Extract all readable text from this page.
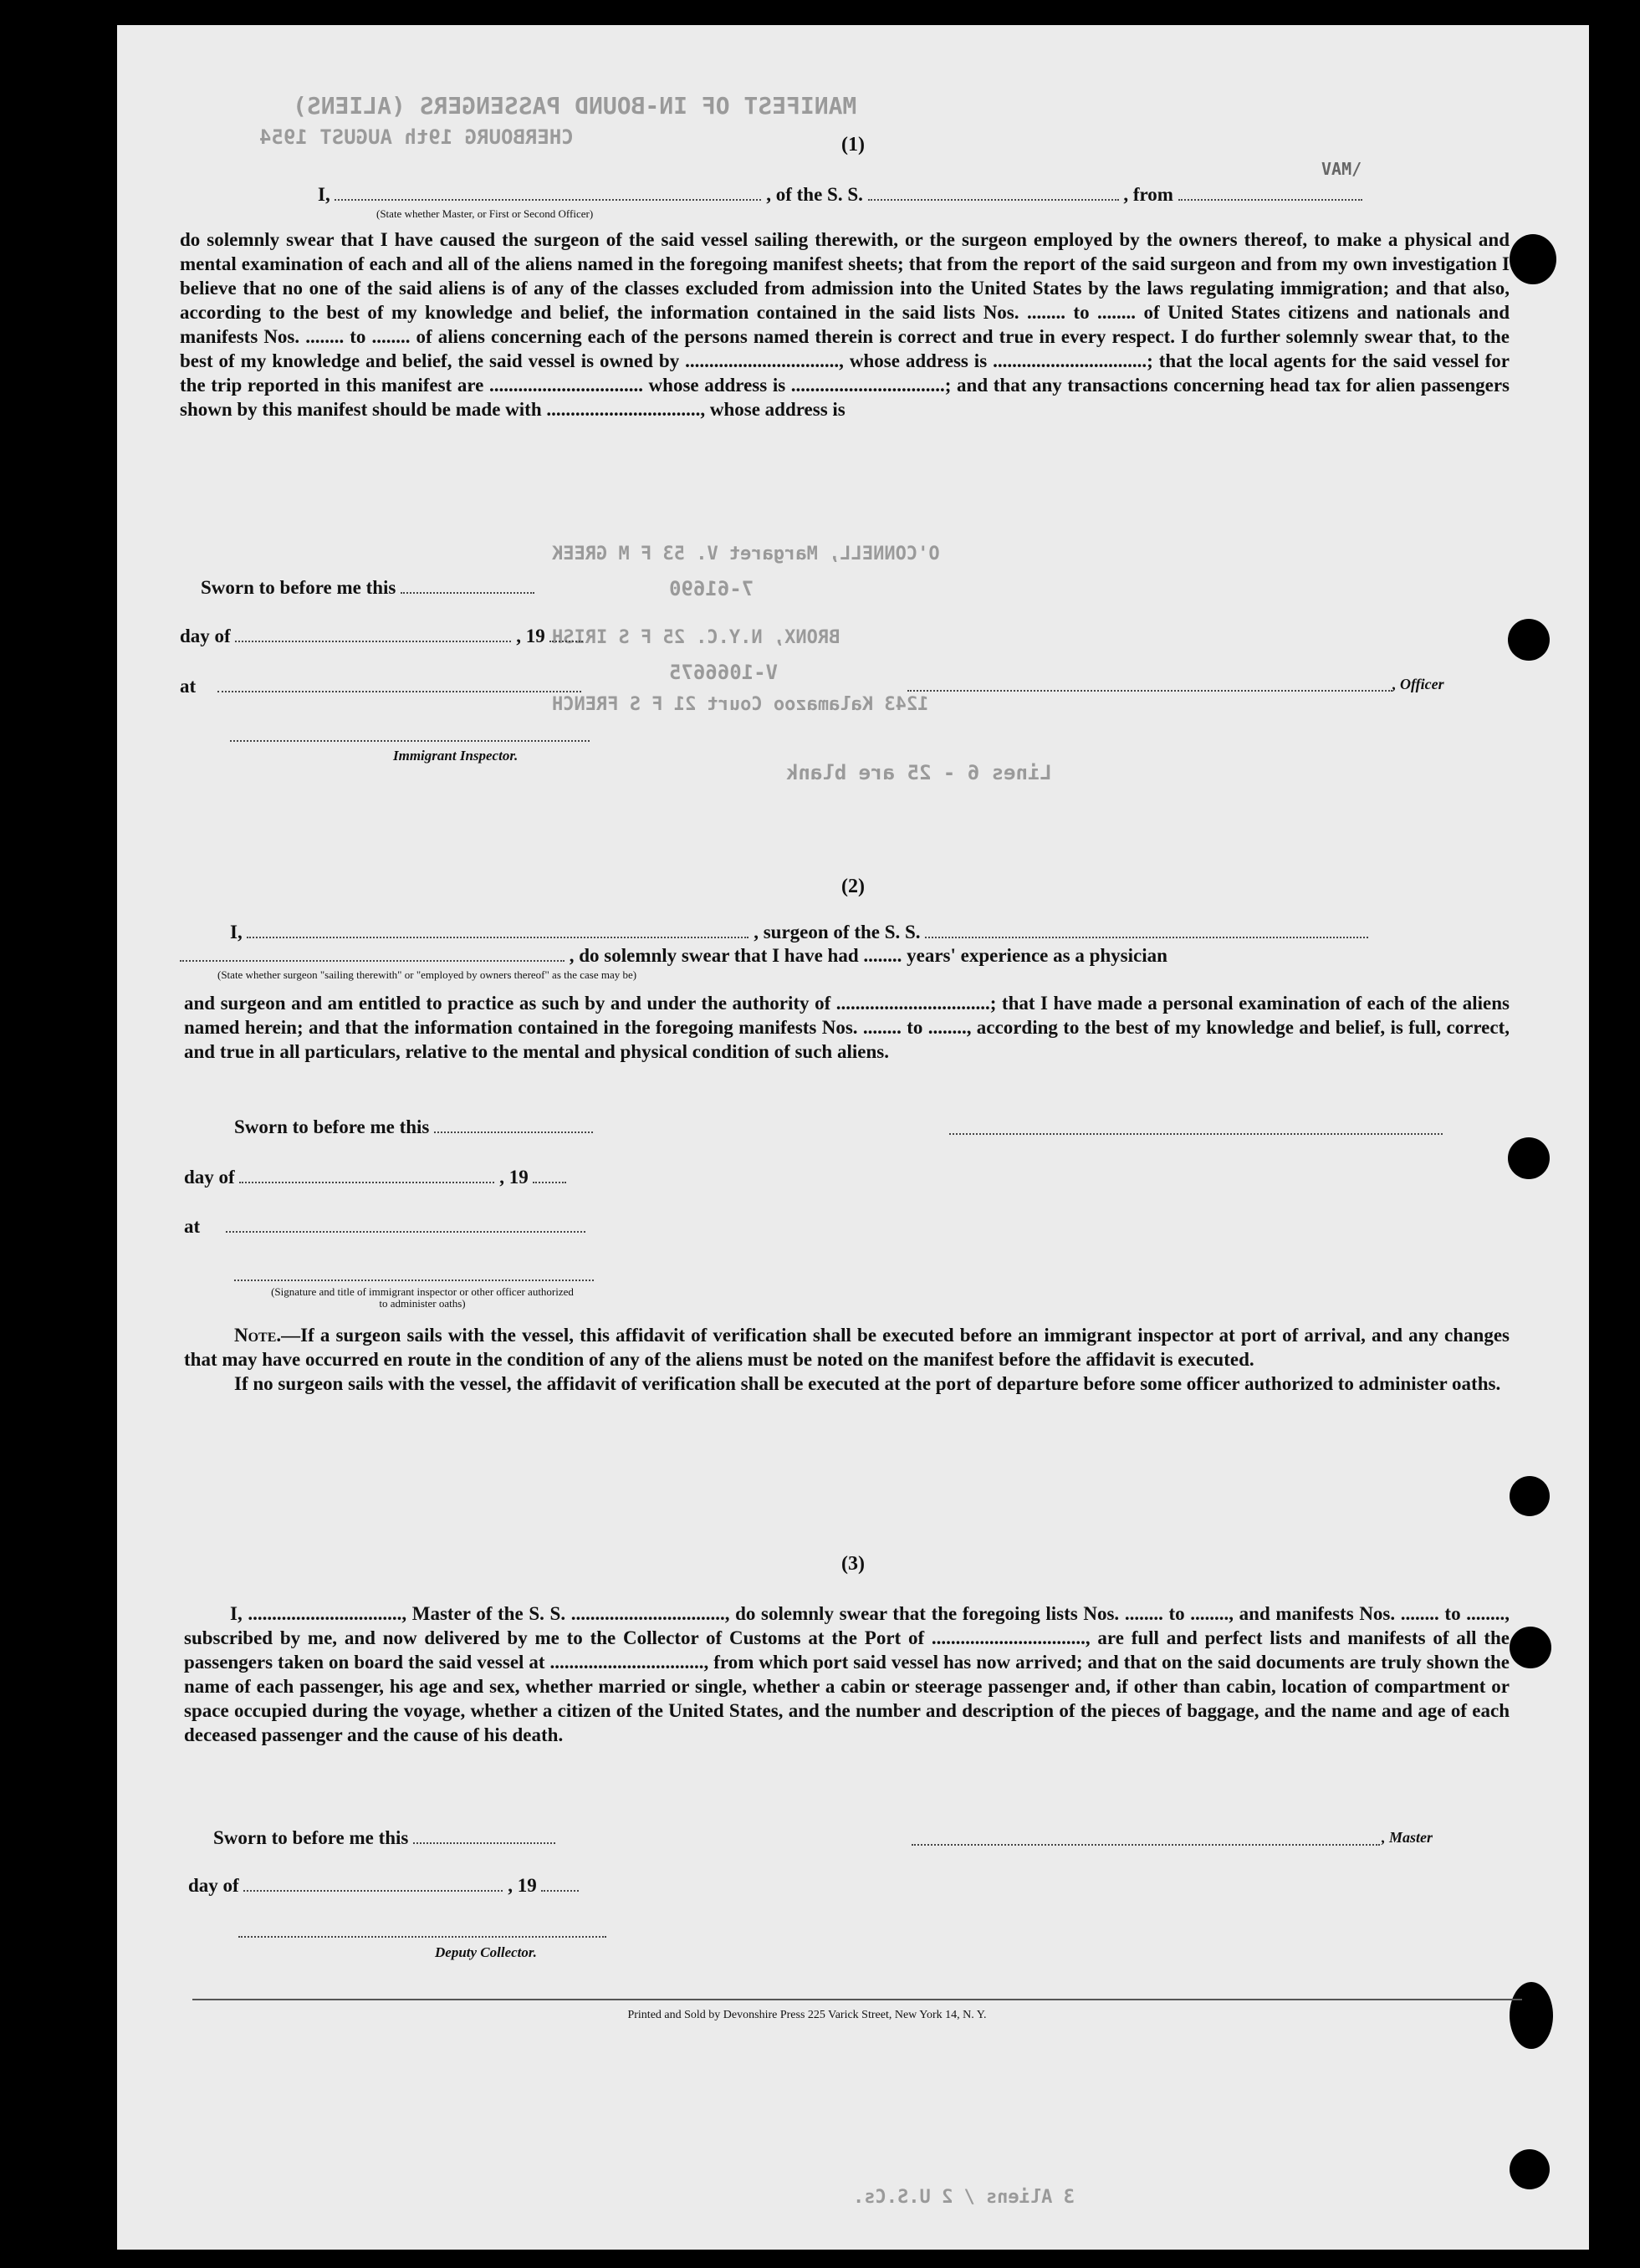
MANIFEST OF IN-BOUND PASSENGERS (ALIENS)
CHERBOURG 19th AUGUST 1954
VAM/
(1)
I,	, of the S. S.	, from
(State whether Master, or First or Second Officer)

do solemnly swear that I have caused the surgeon of the said vessel sailing therewith, or the surgeon employed by the owners thereof, to make a physical and mental examination of each and all of the aliens named in the foregoing manifest sheets; that from the report of the said surgeon and from my own investigation I believe that no one of the said aliens is of any of the classes excluded from admission into the United States by the laws regulating immigration; and that also, according to the best of my knowledge and belief, the information contained in the said lists Nos. ........ to ........ of United States citizens and nationals and manifests Nos. ........ to ........ of aliens concerning each of the persons named therein is correct and true in every respect. I do further solemnly swear that, to the best of my knowledge and belief, the said vessel is owned by ................................, whose address is ................................; that the local agents for the said vessel for the trip reported in this manifest are ................................ whose address is ................................; and that any transactions concerning head tax for alien passengers shown by this manifest should be made with ................................, whose address is

O'CONNELL, Margaret V. 53 F M GREEK
7-61690
BRONX, N.Y.C. 25 F S IRISH
V-1066675
1243 Kalamazoo Court 21 F S FRENCH
Lines 6 - 25 are blank
Sworn to before me this
day of	, 19
at	, Officer
Immigrant Inspector.
(2)
I,	, surgeon of the S. S.
, do solemnly swear that I have had ........ years' experience as a physician
(State whether surgeon "sailing therewith" or "employed by owners thereof" as the case may be)

and surgeon and am entitled to practice as such by and under the authority of ................................; that I have made a personal examination of each of the aliens named herein; and that the information contained in the foregoing manifests Nos. ........ to ........, according to the best of my knowledge and belief, is full, correct, and true in all particulars, relative to the mental and physical condition of such aliens.

Sworn to before me this
day of	, 19
at
(Signature and title of immigrant inspector or other officer authorized to administer oaths)

Note.—If a surgeon sails with the vessel, this affidavit of verification shall be executed before an immigrant inspector at port of arrival, and any changes that may have occurred en route in the condition of any of the aliens must be noted on the manifest before the affidavit is executed.

If no surgeon sails with the vessel, the affidavit of verification shall be executed at the port of departure before some officer authorized to administer oaths.

(3)

I, ................................, Master of the S. S. ................................, do solemnly swear that the foregoing lists Nos. ........ to ........, and manifests Nos. ........ to ........, subscribed by me, and now delivered by me to the Collector of Customs at the Port of ................................, are full and perfect lists and manifests of all the passengers taken on board the said vessel at ................................, from which port said vessel has now arrived; and that on the said documents are truly shown the name of each passenger, his age and sex, whether married or single, whether a cabin or steerage passenger and, if other than cabin, location of compartment or space occupied during the voyage, whether a citizen of the United States, and the number and description of the pieces of baggage, and the name and age of each deceased passenger and the cause of his death.

Sworn to before me this	, Master
day of	, 19
Deputy Collector.
Printed and Sold by Devonshire Press 225 Varick Street, New York 14, N. Y.
3 Aliens / 2 U.S.Cs.
